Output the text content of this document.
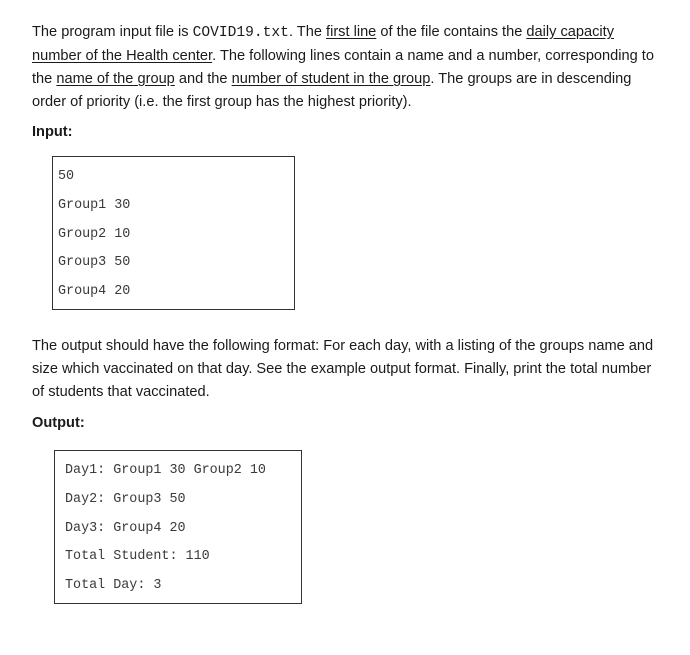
The program input file is COVID19.txt. The first line of the file contains the daily capacity number of the Health center. The following lines contain a name and a number, corresponding to the name of the group and the number of student in the group. The groups are in descending order of priority (i.e. the first group has the highest priority).

Input:

50
Group1 30
Group2 10
Group3 50
Group4 20

The output should have the following format: For each day, with a listing of the groups name and size which vaccinated on that day. See the example output format. Finally, print the total number of students that vaccinated.

Output:

Day1: Group1 30 Group2 10
Day2: Group3 50
Day3: Group4 20
Total Student: 110
Total Day: 3
